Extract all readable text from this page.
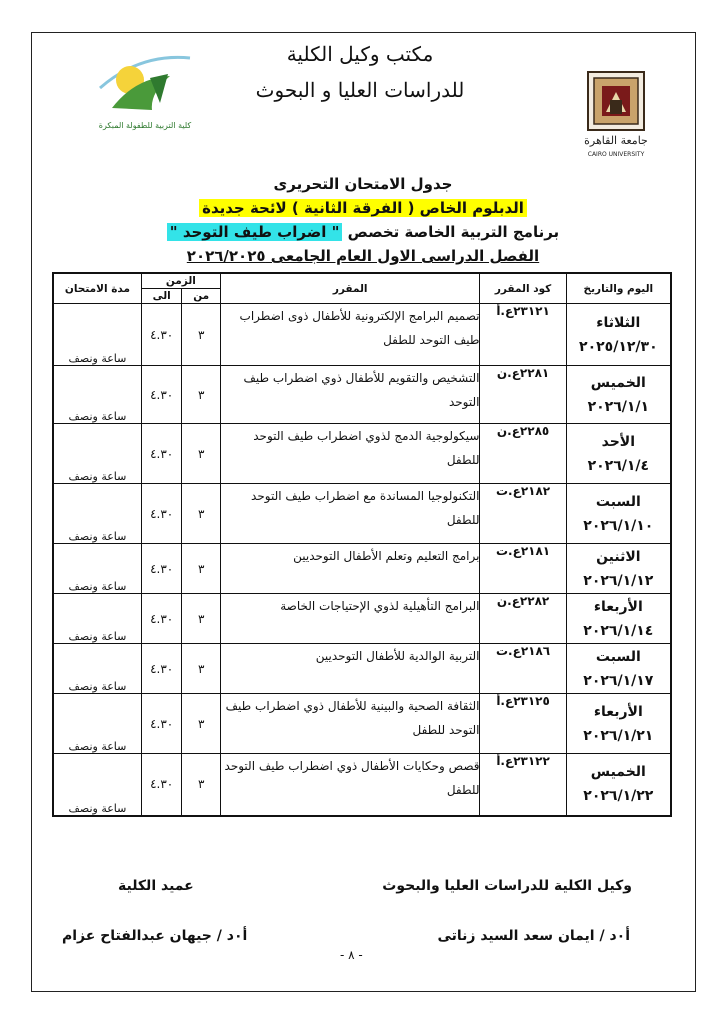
جامعة القاهرة
CAIRO UNIVERSITY
كلية التربية للطفولة المبكرة
مكتب وكيل الكلية
للدراسات العليا و البحوث

جدول الامتحان التحريرى

الدبلوم الخاص ( الفرقة الثانية ) لائحة جديدة

برنامج التربية الخاصة تخصص " اضراب طيف التوحد "

الفصل الدراسى الاول العام الجامعى ٢٠٢٦/٢٠٢٥

اليوم والتاريخ	كود المقرر	المقرر	الزمن		مدة الامتحان
			من	الى	

الثلاثاء
٢٠٢٥/١٢/٣٠	٢٣١٢١ع.أ	تصميم البرامج الإلكترونية للأطفال ذوى اضطراب طيف التوحد للطفل	٣	٤.٣٠	ساعة ونصف

الخميس
٢٠٢٦/١/١	٢٢٨١ع.ن	التشخيص والتقويم للأطفال ذوي اضطراب طيف التوحد	٣	٤.٣٠	ساعة ونصف

الأحد
٢٠٢٦/١/٤	٢٢٨٥ع.ن	سيكولوجية الدمج لذوي اضطراب طيف التوحد للطفل	٣	٤.٣٠	ساعة ونصف

السبت
٢٠٢٦/١/١٠	٢١٨٢ع.ت	التكنولوجيا المساندة مع اضطراب طيف التوحد للطفل	٣	٤.٣٠	ساعة ونصف

الاثنين
٢٠٢٦/١/١٢	٢١٨١ع.ت	برامج التعليم وتعلم الأطفال التوحديين	٣	٤.٣٠	ساعة ونصف

الأربعاء
٢٠٢٦/١/١٤	٢٢٨٢ع.ن	البرامج التأهيلية لذوي الإحتياجات الخاصة	٣	٤.٣٠	ساعة ونصف

السبت
٢٠٢٦/١/١٧	٢١٨٦ع.ت	التربية الوالدية للأطفال التوحديين	٣	٤.٣٠	ساعة ونصف

الأربعاء
٢٠٢٦/١/٢١	٢٣١٢٥ع.أ	الثقافة الصحية والبينية للأطفال ذوي اضطراب طيف التوحد للطفل	٣	٤.٣٠	ساعة ونصف

الخميس
٢٠٢٦/١/٢٢	٢٣١٢٢ع.أ	قصص وحكايات الأطفال ذوي اضطراب طيف التوحد للطفل	٣	٤.٣٠	ساعة ونصف
وكيل الكلية للدراسات العليا والبحوث
أ٠د / ايمان سعد السيد زناتى
عميد الكلية
أ٠د / جيهان عبدالفتاح عزام
- ٨ -
